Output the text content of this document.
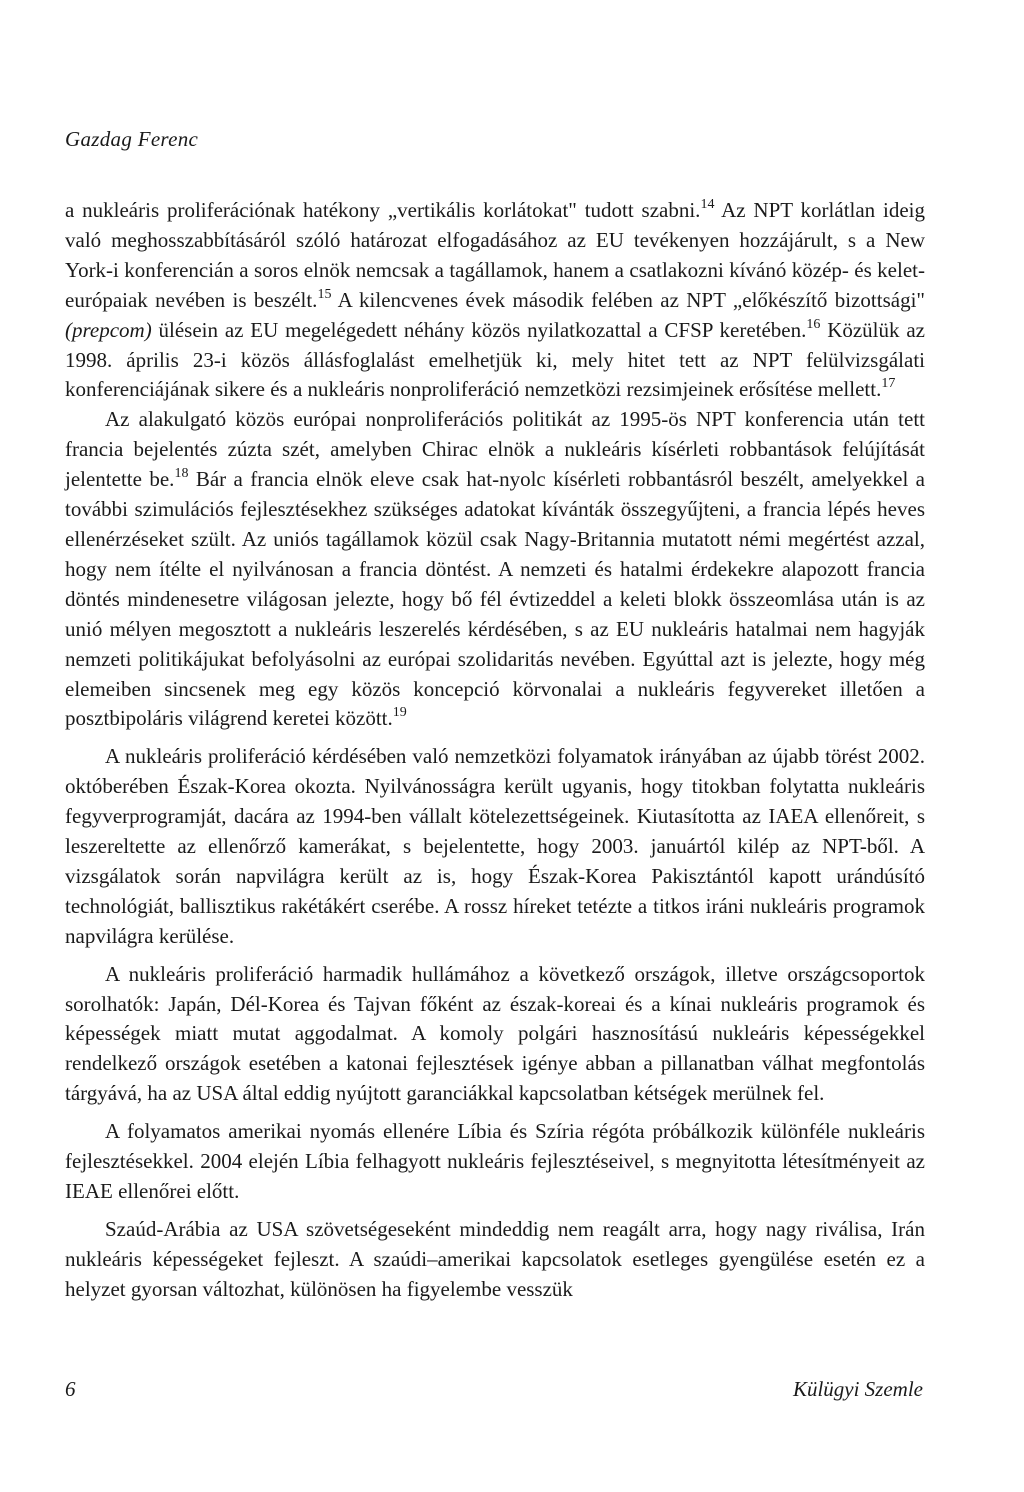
Gazdag Ferenc

a nukleáris proliferációnak hatékony „vertikális korlátokat" tudott szabni.$^{14}$ Az NPT korlátlan ideig való meghosszabbításáról szóló határozat elfogadásához az EU tevékenyen hozzájárult, s a New York-i konferencián a soros elnök nemcsak a tagállamok, hanem a csatlakozni kívánó közép- és kelet-európaiak nevében is beszélt.$^{15}$ A kilencvenes évek második felében az NPT „előkészítő bizottsági" (prepcom) ülésein az EU megelégedett néhány közös nyilatkozattal a CFSP keretében.$^{16}$ Közülük az 1998. április 23-i közös állásfoglalást emelhetjük ki, mely hitet tett az NPT felülvizsgálati konferenciájának sikere és a nukleáris nonproliferáció nemzetközi rezsimjeinek erősítése mellett.$^{17}$

Az alakulgató közös európai nonproliferációs politikát az 1995-ös NPT konferencia után tett francia bejelentés zúzta szét, amelyben Chirac elnök a nukleáris kísérleti robbantások felújítását jelentette be.$^{18}$ Bár a francia elnök eleve csak hat-nyolc kísérleti robbantásról beszélt, amelyekkel a további szimulációs fejlesztésekhez szükséges adatokat kívánták összegyűjteni, a francia lépés heves ellenérzéseket szült. Az uniós tagállamok közül csak Nagy-Britannia mutatott némi megértést azzal, hogy nem ítélte el nyilvánosan a francia döntést. A nemzeti és hatalmi érdekekre alapozott francia döntés mindenesetre világosan jelezte, hogy bő fél évtizeddel a keleti blokk összeomlása után is az unió mélyen megosztott a nukleáris leszerelés kérdésében, s az EU nukleáris hatalmai nem hagyják nemzeti politikájukat befolyásolni az európai szolidaritás nevében. Egyúttal azt is jelezte, hogy még elemeiben sincsenek meg egy közös koncepció körvonalai a nukleáris fegyvereket illetően a posztbipoláris világrend keretei között.$^{19}$

A nukleáris proliferáció kérdésében való nemzetközi folyamatok irányában az újabb törést 2002. októberében Észak-Korea okozta. Nyilvánosságra került ugyanis, hogy titokban folytatta nukleáris fegyverprogramját, dacára az 1994-ben vállalt kötelezettségeinek. Kiutasította az IAEA ellenőreit, s leszereltette az ellenőrző kamerákat, s bejelentette, hogy 2003. januártól kilép az NPT-ből. A vizsgálatok során napvilágra került az is, hogy Észak-Korea Pakisztántól kapott urándúsító technológiát, ballisztikus rakétákért cserébe. A rossz híreket tetézte a titkos iráni nukleáris programok napvilágra kerülése.

A nukleáris proliferáció harmadik hullámához a következő országok, illetve országcsoportok sorolhatók: Japán, Dél-Korea és Tajvan főként az észak-koreai és a kínai nukleáris programok és képességek miatt mutat aggodalmat. A komoly polgári hasznosítású nukleáris képességekkel rendelkező országok esetében a katonai fejlesztések igénye abban a pillanatban válhat megfontolás tárgyává, ha az USA által eddig nyújtott garanciákkal kapcsolatban kétségek merülnek fel.

A folyamatos amerikai nyomás ellenére Líbia és Szíria régóta próbálkozik különféle nukleáris fejlesztésekkel. 2004 elején Líbia felhagyott nukleáris fejlesztéseivel, s megnyitotta létesítményeit az IEAE ellenőrei előtt.

Szaúd-Arábia az USA szövetségeseként mindeddig nem reagált arra, hogy nagy riválisa, Irán nukleáris képességeket fejleszt. A szaúdi–amerikai kapcsolatok esetleges gyengülése esetén ez a helyzet gyorsan változhat, különösen ha figyelembe vesszük

6	Külügyi Szemle
